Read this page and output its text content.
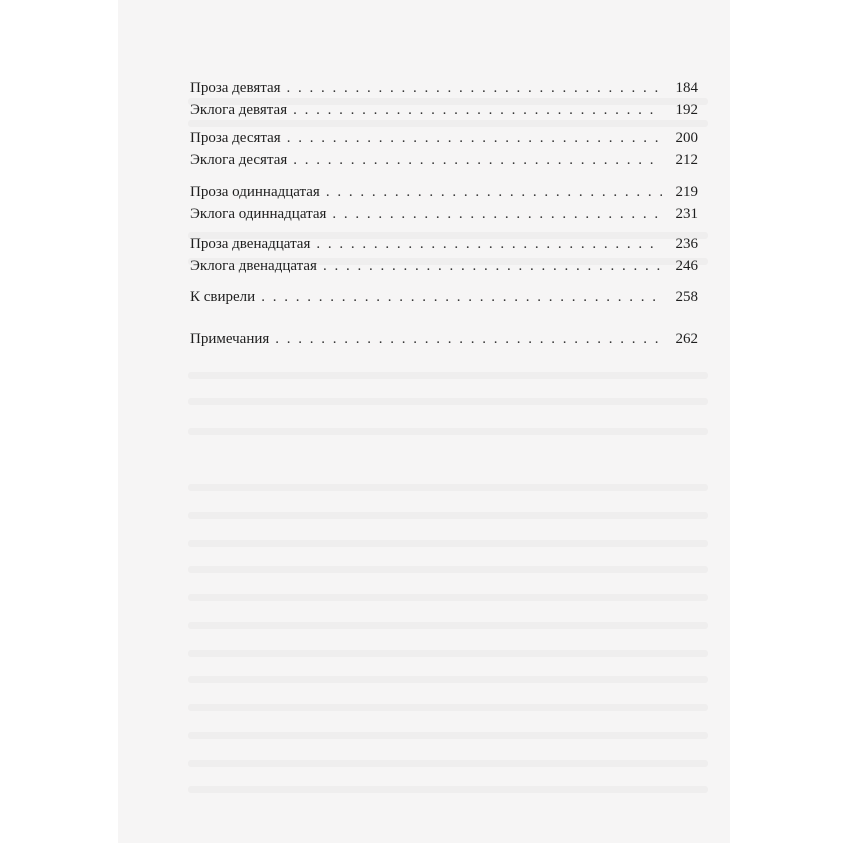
Проза девятая . . .	184
Эклога девятая . . .	192
Проза десятая . . .	200
Эклога десятая . . .	212
Проза одиннадцатая . . .	219
Эклога одиннадцатая . . .	231
Проза двенадцатая . . .	236
Эклога двенадцатая . . .	246
К свирели . . .	258
Примечания . . .	262
